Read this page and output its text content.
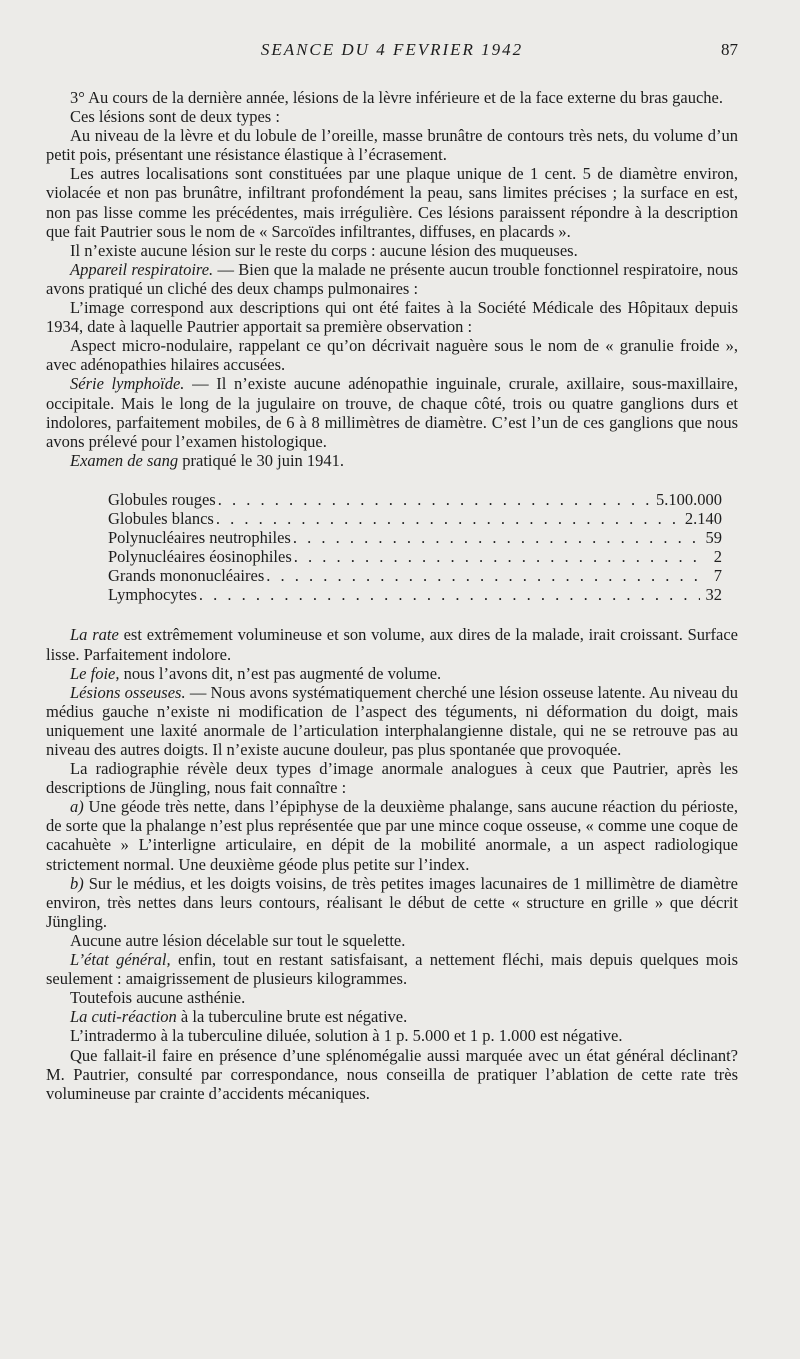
SEANCE DU 4 FEVRIER 1942	87

3° Au cours de la dernière année, lésions de la lèvre inférieure et de la face externe du bras gauche.

Ces lésions sont de deux types :

Au niveau de la lèvre et du lobule de l’oreille, masse brunâtre de contours très nets, du volume d’un petit pois, présentant une résistance élastique à l’écrasement.

Les autres localisations sont constituées par une plaque unique de 1 cent. 5 de diamètre environ, violacée et non pas brunâtre, infiltrant profondément la peau, sans limites précises ; la surface en est, non pas lisse comme les précédentes, mais irrégulière. Ces lésions paraissent répondre à la description que fait Pautrier sous le nom de « Sarcoïdes infiltrantes, diffuses, en placards ».

Il n’existe aucune lésion sur le reste du corps : aucune lésion des muqueuses.

Appareil respiratoire. — Bien que la malade ne présente aucun trouble fonctionnel respiratoire, nous avons pratiqué un cliché des deux champs pulmonaires :

L’image correspond aux descriptions qui ont été faites à la Société Médicale des Hôpitaux depuis 1934, date à laquelle Pautrier apportait sa première observation :

Aspect micro-nodulaire, rappelant ce qu’on décrivait naguère sous le nom de « granulie froide », avec adénopathies hilaires accusées.

Série lymphoïde. — Il n’existe aucune adénopathie inguinale, crurale, axillaire, sous-maxillaire, occipitale. Mais le long de la jugulaire on trouve, de chaque côté, trois ou quatre ganglions durs et indolores, parfaitement mobiles, de 6 à 8 millimètres de diamètre. C’est l’un de ces ganglions que nous avons prélevé pour l’examen histologique.

Examen de sang pratiqué le 30 juin 1941.

Globules rouges . . .	5.100.000
Globules blancs . . .	2.140
Polynucléaires neutrophiles . . .	59
Polynucléaires éosinophiles . . .	2
Grands mononucléaires . . .	7
Lymphocytes . . .	32

La rate est extrêmement volumineuse et son volume, aux dires de la malade, irait croissant. Surface lisse. Parfaitement indolore.

Le foie, nous l’avons dit, n’est pas augmenté de volume.

Lésions osseuses. — Nous avons systématiquement cherché une lésion osseuse latente. Au niveau du médius gauche n’existe ni modification de l’aspect des téguments, ni déformation du doigt, mais uniquement une laxité anormale de l’articulation interphalangienne distale, qui ne se retrouve pas au niveau des autres doigts. Il n’existe aucune douleur, pas plus spontanée que provoquée.

La radiographie révèle deux types d’image anormale analogues à ceux que Pautrier, après les descriptions de Jüngling, nous fait connaître :

a) Une géode très nette, dans l’épiphyse de la deuxième phalange, sans aucune réaction du périoste, de sorte que la phalange n’est plus représentée que par une mince coque osseuse, « comme une coque de cacahuète » L’interligne articulaire, en dépit de la mobilité anormale, a un aspect radiologique strictement normal. Une deuxième géode plus petite sur l’index.

b) Sur le médius, et les doigts voisins, de très petites images lacunaires de 1 millimètre de diamètre environ, très nettes dans leurs contours, réalisant le début de cette « structure en grille » que décrit Jüngling.

Aucune autre lésion décelable sur tout le squelette.

L’état général, enfin, tout en restant satisfaisant, a nettement fléchi, mais depuis quelques mois seulement : amaigrissement de plusieurs kilogrammes.

Toutefois aucune asthénie.

La cuti-réaction à la tuberculine brute est négative.

L’intradermo à la tuberculine diluée, solution à 1 p. 5.000 et 1 p. 1.000 est négative.

Que fallait-il faire en présence d’une splénomégalie aussi marquée avec un état général déclinant? M. Pautrier, consulté par correspondance, nous conseilla de pratiquer l’ablation de cette rate très volumineuse par crainte d’accidents mécaniques.
